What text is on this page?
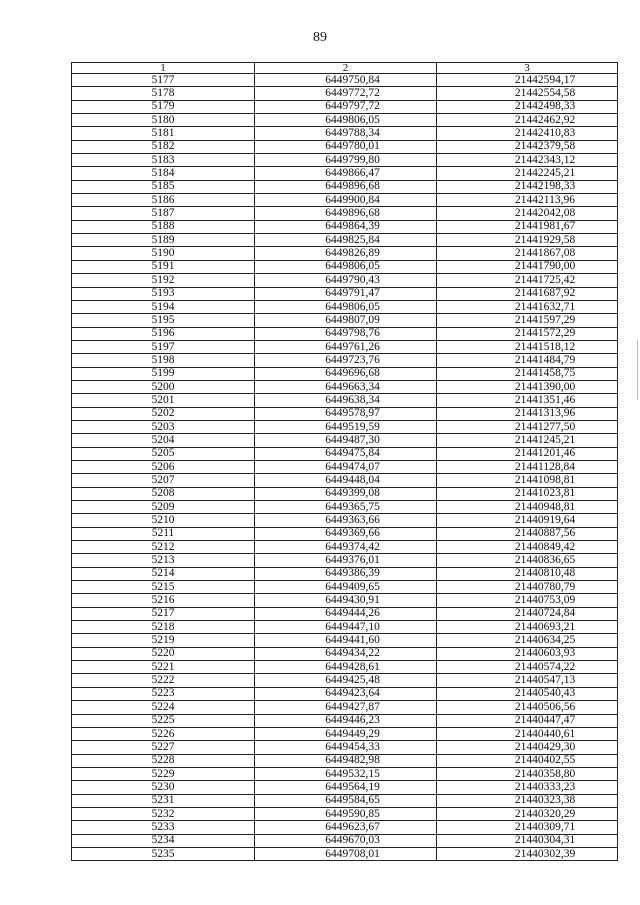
89
1	2	3
5177	6449750,84	21442594,17
5178	6449772,72	21442554,58
5179	6449797,72	21442498,33
5180	6449806,05	21442462,92
5181	6449788,34	21442410,83
5182	6449780,01	21442379,58
5183	6449799,80	21442343,12
5184	6449866,47	21442245,21
5185	6449896,68	21442198,33
5186	6449900,84	21442113,96
5187	6449896,68	21442042,08
5188	6449864,39	21441981,67
5189	6449825,84	21441929,58
5190	6449826,89	21441867,08
5191	6449806,05	21441790,00
5192	6449790,43	21441725,42
5193	6449791,47	21441687,92
5194	6449806,05	21441632,71
5195	6449807,09	21441597,29
5196	6449798,76	21441572,29
5197	6449761,26	21441518,12
5198	6449723,76	21441484,79
5199	6449696,68	21441458,75
5200	6449663,34	21441390,00
5201	6449638,34	21441351,46
5202	6449578,97	21441313,96
5203	6449519,59	21441277,50
5204	6449487,30	21441245,21
5205	6449475,84	21441201,46
5206	6449474,07	21441128,84
5207	6449448,04	21441098,81
5208	6449399,08	21441023,81
5209	6449365,75	21440948,81
5210	6449363,66	21440919,64
5211	6449369,66	21440887,56
5212	6449374,42	21440849,42
5213	6449376,01	21440836,65
5214	6449386,39	21440810,48
5215	6449409,65	21440780,79
5216	6449430,91	21440753,09
5217	6449444,26	21440724,84
5218	6449447,10	21440693,21
5219	6449441,60	21440634,25
5220	6449434,22	21440603,93
5221	6449428,61	21440574,22
5222	6449425,48	21440547,13
5223	6449423,64	21440540,43
5224	6449427,87	21440506,56
5225	6449446,23	21440447,47
5226	6449449,29	21440440,61
5227	6449454,33	21440429,30
5228	6449482,98	21440402,55
5229	6449532,15	21440358,80
5230	6449564,19	21440333,23
5231	6449584,65	21440323,38
5232	6449590,85	21440320,29
5233	6449623,67	21440309,71
5234	6449670,03	21440304,31
5235	6449708,01	21440302,39
